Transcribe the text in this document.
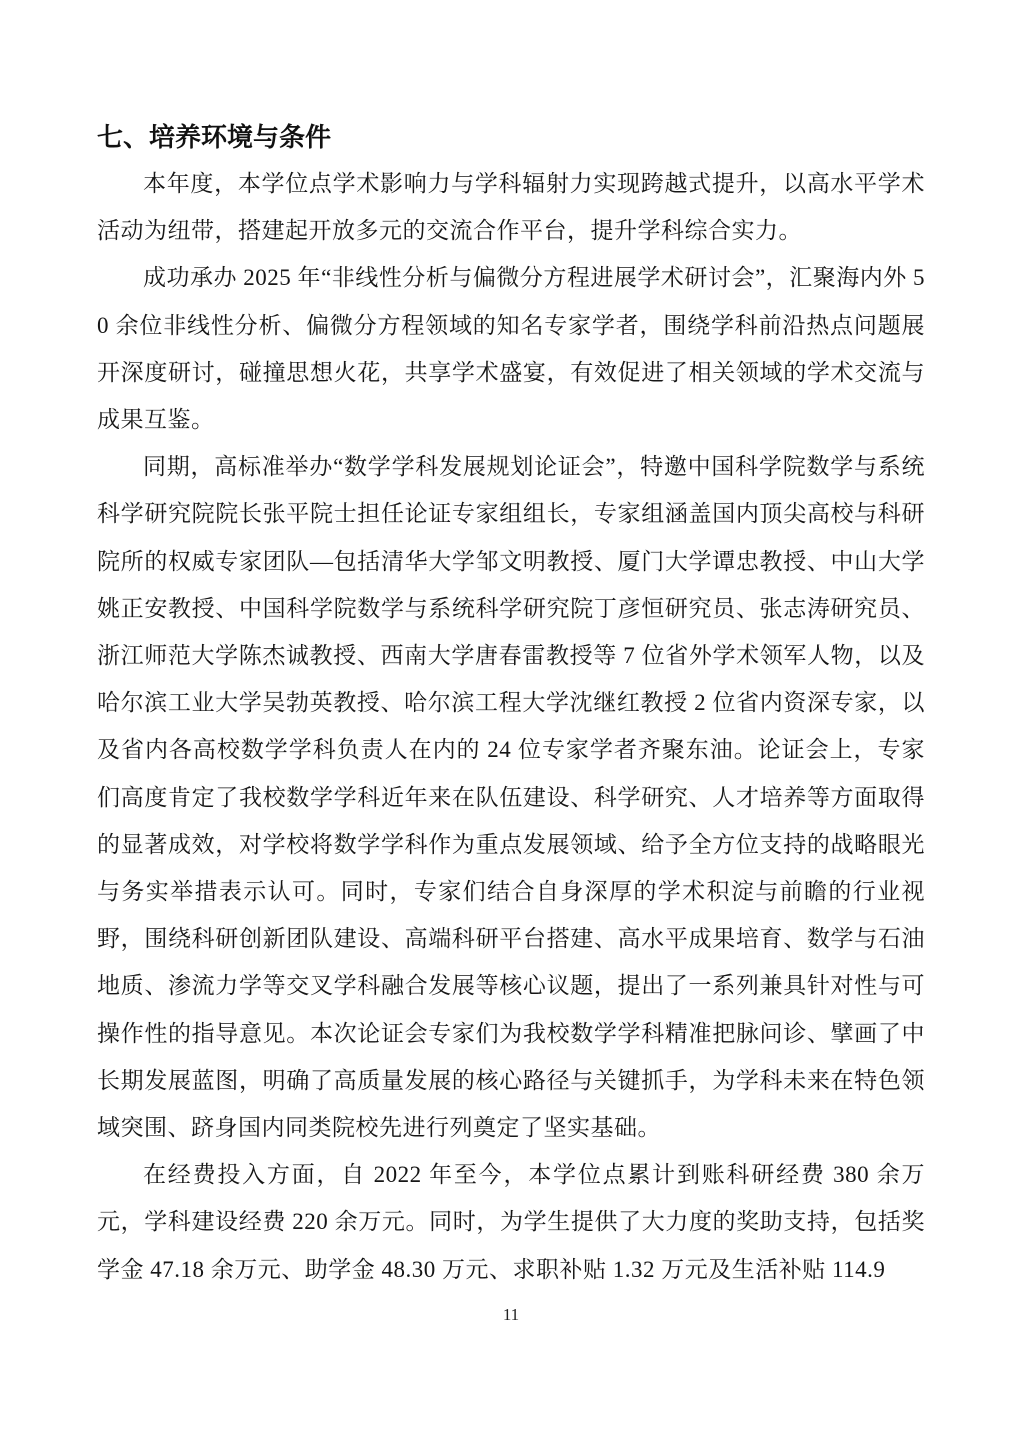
七、培养环境与条件

本年度，本学位点学术影响力与学科辐射力实现跨越式提升，以高水平学术活动为纽带，搭建起开放多元的交流合作平台，提升学科综合实力。

成功承办 2025 年“非线性分析与偏微分方程进展学术研讨会”，汇聚海内外 50 余位非线性分析、偏微分方程领域的知名专家学者，围绕学科前沿热点问题展开深度研讨，碰撞思想火花，共享学术盛宴，有效促进了相关领域的学术交流与成果互鉴。

同期，高标准举办“数学学科发展规划论证会”，特邀中国科学院数学与系统科学研究院院长张平院士担任论证专家组组长，专家组涵盖国内顶尖高校与科研院所的权威专家团队—包括清华大学邹文明教授、厦门大学谭忠教授、中山大学姚正安教授、中国科学院数学与系统科学研究院丁彦恒研究员、张志涛研究员、浙江师范大学陈杰诚教授、西南大学唐春雷教授等 7 位省外学术领军人物，以及哈尔滨工业大学吴勃英教授、哈尔滨工程大学沈继红教授 2 位省内资深专家，以及省内各高校数学学科负责人在内的 24 位专家学者齐聚东油。论证会上，专家们高度肯定了我校数学学科近年来在队伍建设、科学研究、人才培养等方面取得的显著成效，对学校将数学学科作为重点发展领域、给予全方位支持的战略眼光与务实举措表示认可。同时，专家们结合自身深厚的学术积淀与前瞻的行业视野，围绕科研创新团队建设、高端科研平台搭建、高水平成果培育、数学与石油地质、渗流力学等交叉学科融合发展等核心议题，提出了一系列兼具针对性与可操作性的指导意见。本次论证会专家们为我校数学学科精准把脉问诊、擘画了中长期发展蓝图，明确了高质量发展的核心路径与关键抓手，为学科未来在特色领域突围、跻身国内同类院校先进行列奠定了坚实基础。

在经费投入方面，自 2022 年至今，本学位点累计到账科研经费 380 余万元，学科建设经费 220 余万元。同时，为学生提供了大力度的奖助支持，包括奖学金 47.18 余万元、助学金 48.30 万元、求职补贴 1.32 万元及生活补贴 114.9

11
